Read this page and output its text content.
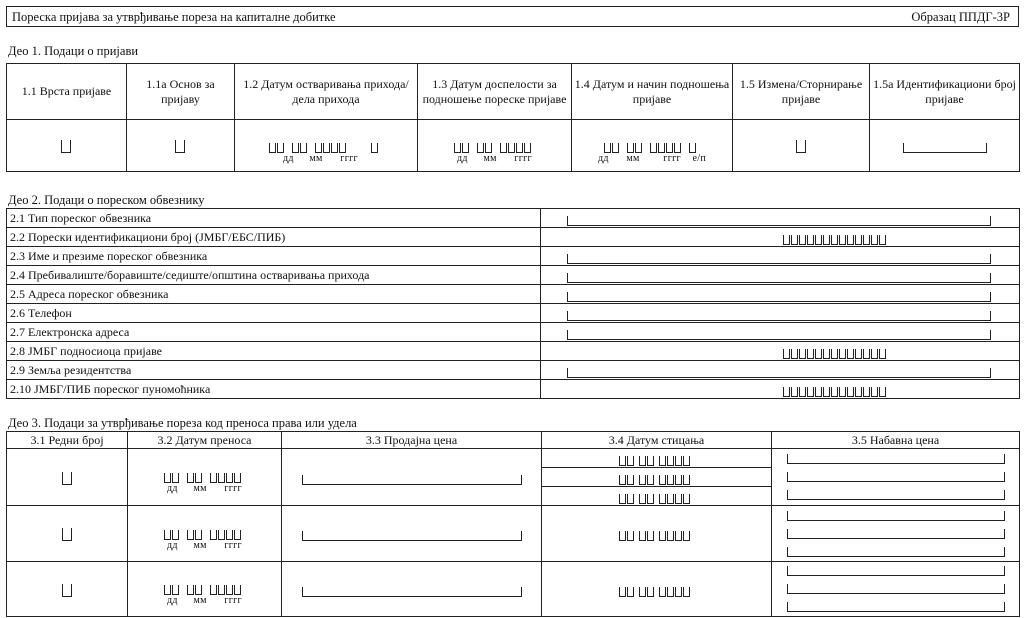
Пореска пријава за утврђивање пореза на капиталне добитке	Образац ППДГ-3Р
Део 1. Подаци о пријави
1.1 Врста пријаве	1.1а Основ за пријаву	1.2 Датум остваривања прихода/ дела прихода	1.3 Датум доспелости за подношење пореске пријаве	1.4 Датум и начин подношења пријаве	1.5 Измена/Сторнирање пријаве	1.5а Идентификациони број пријаве

		дд мм гггг	дд мм гггг	дд мм гггг е/п		

Део 2. Подаци о пореском обвезнику
2.1 Тип пореског обвезника	
2.2 Порески идентификациони број (ЈМБГ/ЕБС/ПИБ)	
2.3 Име и презиме пореског обвезника	
2.4 Пребивалиште/боравиште/седиште/општина остваривања прихода	
2.5 Адреса пореског обвезника	
2.6 Телефон	
2.7 Електронска адреса	
2.8 ЈМБГ подносиоца пријаве	
2.9 Земља резидентства	
2.10 ЈМБГ/ПИБ пореског пуномоћника	
Део 3. Подаци за утврђивање пореза код преноса права или удела
3.1 Редни број	3.2 Датум преноса	3.3 Продајна цена	3.4 Датум стицања	3.5 Набавна цена

	дд мм гггг			

	дд мм гггг			

	дд мм гггг			
